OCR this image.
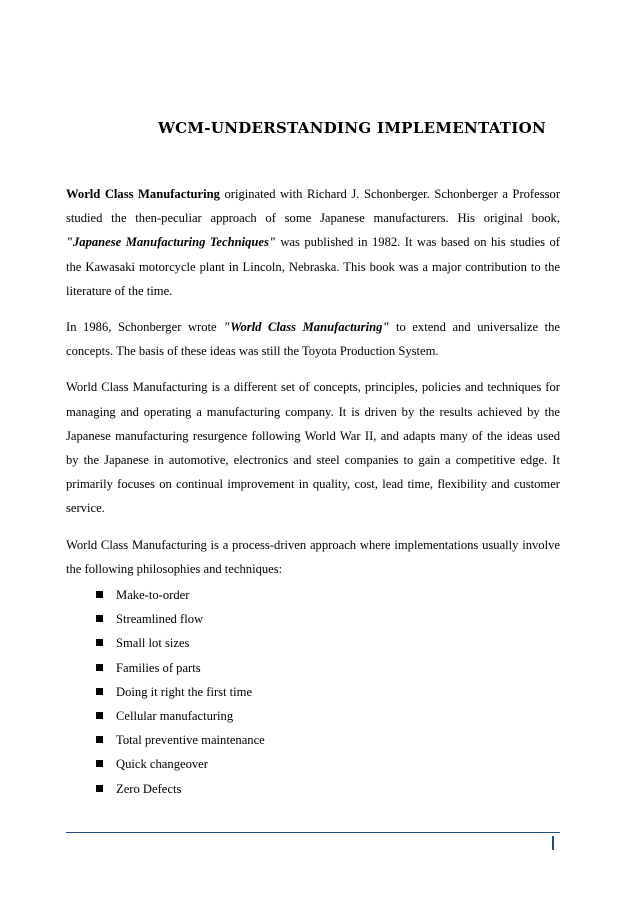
WCM-UNDERSTANDING IMPLEMENTATION

World Class Manufacturing originated with Richard J. Schonberger. Schonberger a Professor studied the then-peculiar approach of some Japanese manufacturers. His original book, "Japanese Manufacturing Techniques" was published in 1982. It was based on his studies of the Kawasaki motorcycle plant in Lincoln, Nebraska. This book was a major contribution to the literature of the time.

In 1986, Schonberger wrote "World Class Manufacturing" to extend and universalize the concepts. The basis of these ideas was still the Toyota Production System.

World Class Manufacturing is a different set of concepts, principles, policies and techniques for managing and operating a manufacturing company. It is driven by the results achieved by the Japanese manufacturing resurgence following World War II, and adapts many of the ideas used by the Japanese in automotive, electronics and steel companies to gain a competitive edge. It primarily focuses on continual improvement in quality, cost, lead time, flexibility and customer service.

World Class Manufacturing is a process-driven approach where implementations usually involve the following philosophies and techniques:

Make-to-order
Streamlined flow
Small lot sizes
Families of parts
Doing it right the first time
Cellular manufacturing
Total preventive maintenance
Quick changeover
Zero Defects
